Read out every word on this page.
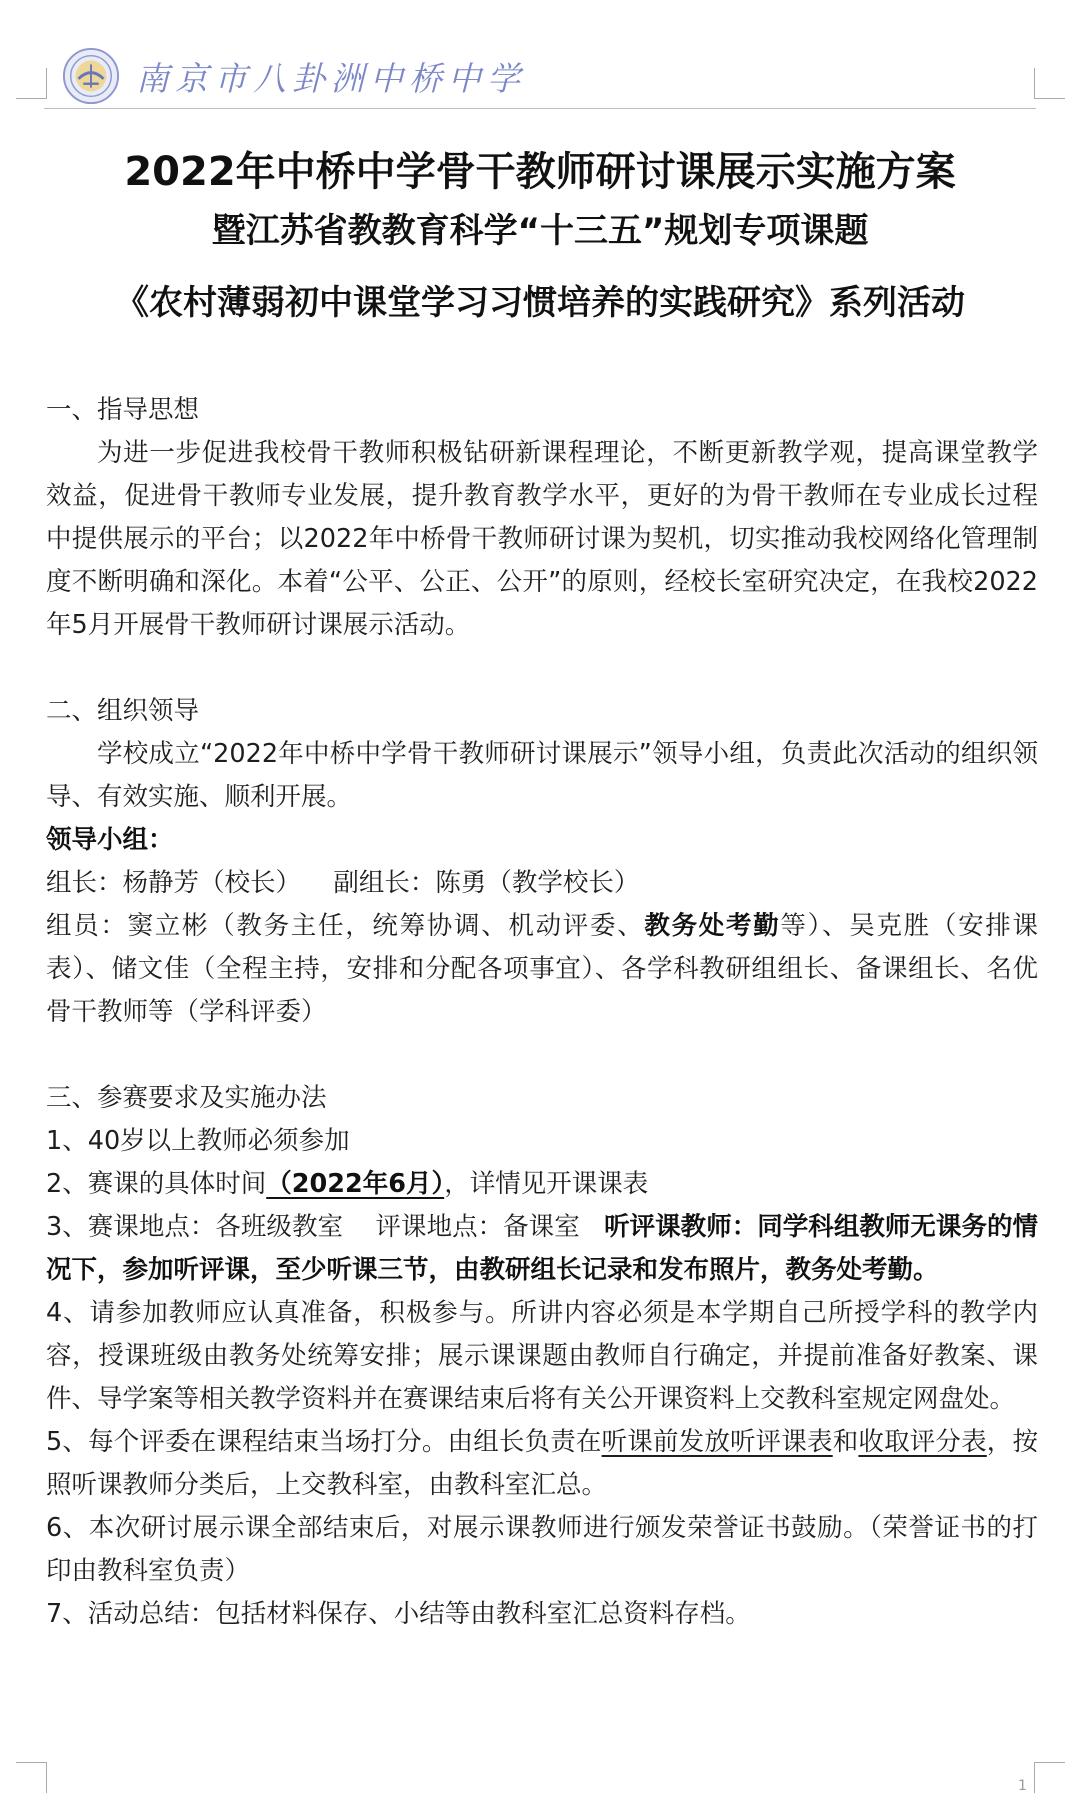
南京市八卦洲中桥中学
2022年中桥中学骨干教师研讨课展示实施方案
暨江苏省教教育科学“十三五”规划专项课题
《农村薄弱初中课堂学习习惯培养的实践研究》系列活动

一、指导思想

为进一步促进我校骨干教师积极钻研新课程理论，不断更新教学观，提高课堂教学效益，促进骨干教师专业发展，提升教育教学水平，更好的为骨干教师在专业成长过程中提供展示的平台；以2022年中桥骨干教师研讨课为契机，切实推动我校网络化管理制度不断明确和深化。本着“公平、公正、公开”的原则，经校长室研究决定，在我校2022年5月开展骨干教师研讨课展示活动。

二、组织领导

学校成立“2022年中桥中学骨干教师研讨课展示”领导小组，负责此次活动的组织领导、有效实施、顺利开展。

领导小组：

组长：杨静芳（校长）    副组长：陈勇（教学校长）

组员：窦立彬（教务主任，统筹协调、机动评委、教务处考勤等）、吴克胜（安排课表）、储文佳（全程主持，安排和分配各项事宜）、各学科教研组组长、备课组长、名优骨干教师等（学科评委）

三、参赛要求及实施办法

1、40岁以上教师必须参加

2、赛课的具体时间（2022年6月），详情见开课课表

3、赛课地点：各班级教室    评课地点：备课室   听评课教师：同学科组教师无课务的情况下，参加听评课，至少听课三节，由教研组长记录和发布照片，教务处考勤。

4、请参加教师应认真准备，积极参与。所讲内容必须是本学期自己所授学科的教学内容，授课班级由教务处统筹安排；展示课课题由教师自行确定，并提前准备好教案、课件、导学案等相关教学资料并在赛课结束后将有关公开课资料上交教科室规定网盘处。

5、每个评委在课程结束当场打分。由组长负责在听课前发放听评课表和收取评分表，按照听课教师分类后，上交教科室，由教科室汇总。

6、本次研讨展示课全部结束后，对展示课教师进行颁发荣誉证书鼓励。（荣誉证书的打印由教科室负责）

7、活动总结：包括材料保存、小结等由教科室汇总资料存档。

1
